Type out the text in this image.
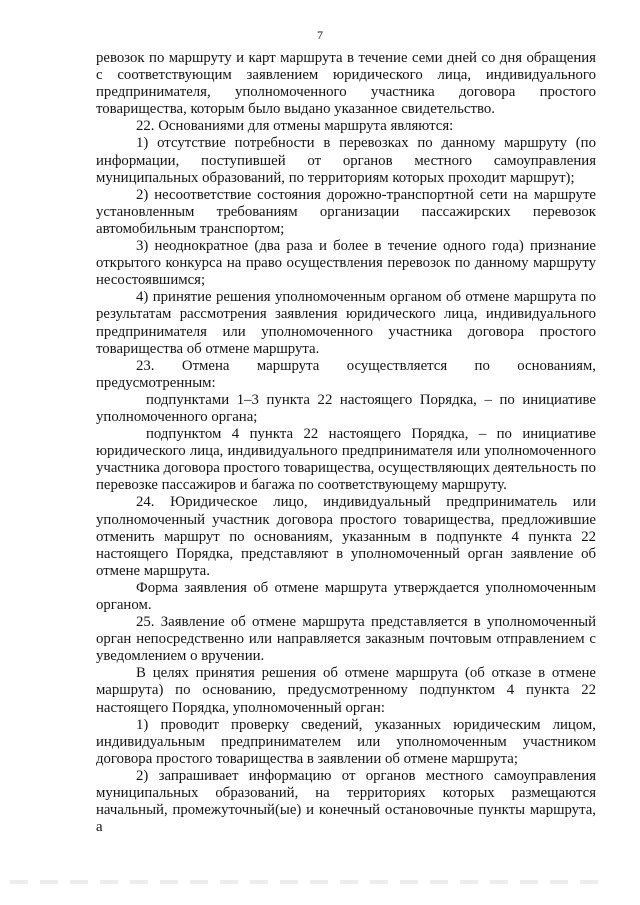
7

ревозок по маршруту и карт маршрута в течение семи дней со дня обращения с соответствующим заявлением юридического лица, индивидуального предпринимателя, уполномоченного участника договора простого товарищества, которым было выдано указанное свидетельство.

22. Основаниями для отмены маршрута являются:

1) отсутствие потребности в перевозках по данному маршруту (по информации, поступившей от органов местного самоуправления муниципальных образований, по территориям которых проходит маршрут);

2) несоответствие состояния дорожно-транспортной сети на маршруте установленным требованиям организации пассажирских перевозок автомобильным транспортом;

3) неоднократное (два раза и более в течение одного года) признание открытого конкурса на право осуществления перевозок по данному маршруту несостоявшимся;

4) принятие решения уполномоченным органом об отмене маршрута по результатам рассмотрения заявления юридического лица, индивидуального предпринимателя или уполномоченного участника договора простого товарищества об отмене маршрута.

23. Отмена маршрута осуществляется по основаниям, предусмотренным:

подпунктами 1–3 пункта 22 настоящего Порядка, – по инициативе уполномоченного органа;

подпунктом 4 пункта 22 настоящего Порядка, – по инициативе юридического лица, индивидуального предпринимателя или уполномоченного участника договора простого товарищества, осуществляющих деятельность по перевозке пассажиров и багажа по соответствующему маршруту.

24. Юридическое лицо, индивидуальный предприниматель или уполномоченный участник договора простого товарищества, предложившие отменить маршрут по основаниям, указанным в подпункте 4 пункта 22 настоящего Порядка, представляют в уполномоченный орган заявление об отмене маршрута.

Форма заявления об отмене маршрута утверждается уполномоченным органом.

25. Заявление об отмене маршрута представляется в уполномоченный орган непосредственно или направляется заказным почтовым отправлением с уведомлением о вручении.

В целях принятия решения об отмене маршрута (об отказе в отмене маршрута) по основанию, предусмотренному подпунктом 4 пункта 22 настоящего Порядка, уполномоченный орган:

1) проводит проверку сведений, указанных юридическим лицом, индивидуальным предпринимателем или уполномоченным участником договора простого товарищества в заявлении об отмене маршрута;

2) запрашивает информацию от органов местного самоуправления муниципальных образований, на территориях которых размещаются начальный, промежуточный(ые) и конечный остановочные пункты маршрута, а
